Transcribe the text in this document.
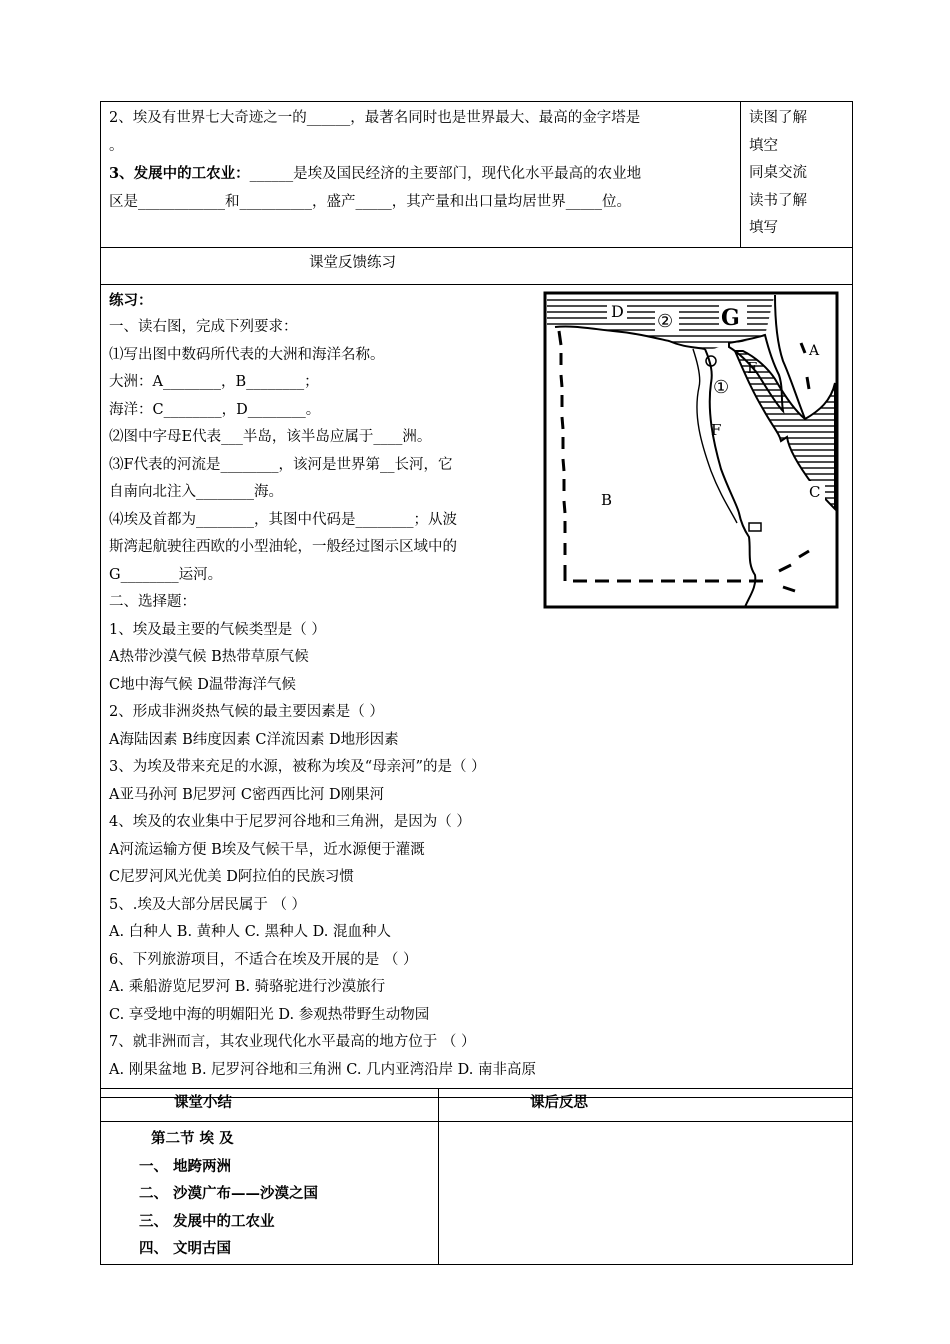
2、埃及有世界七大奇迹之一的______，最著名同时也是世界最大、最高的金字塔是
。
3、发展中的工农业：______是埃及国民经济的主要部门，现代化水平最高的农业地
区是____________和__________，盛产_____，其产量和出口量均居世界_____位。

读图了解
填空
同桌交流
读书了解
填写

课堂反馈练习

练习：
一、读右图，完成下列要求：
⑴写出图中数码所代表的大洲和海洋名称。
大洲：A________，B________；
海洋：C________，D________。
⑵图中字母E代表___半岛，该半岛应属于____洲。
⑶F代表的河流是________，该河是世界第__长河，它
自南向北注入________海。
⑷埃及首都为________，其图中代码是________；从波
斯湾起航驶往西欧的小型油轮，一般经过图示区域中的
G________运河。
二、选择题：
1、埃及最主要的气候类型是（ ）
A热带沙漠气候 B热带草原气候
C地中海气候 D温带海洋气候
2、形成非洲炎热气候的最主要因素是（ ）
A海陆因素 B纬度因素 C洋流因素 D地形因素
3、为埃及带来充足的水源，被称为埃及“母亲河”的是（ ）
A亚马孙河 B尼罗河 C密西西比河 D刚果河
4、埃及的农业集中于尼罗河谷地和三角洲，是因为（ ）
A河流运输方便 B埃及气候干旱，近水源便于灌溉
C尼罗河风光优美 D阿拉伯的民族习惯
5、.埃及大部分居民属于 （ ）
A. 白种人 B. 黄种人 C. 黑种人 D. 混血种人
6、下列旅游项目，不适合在埃及开展的是 （ ）
A. 乘船游览尼罗河 B. 骑骆驼进行沙漠旅行
C. 享受地中海的明媚阳光 D. 参观热带野生动物园
7、就非洲而言，其农业现代化水平最高的地方位于 （ ）
A. 刚果盆地 B. 尼罗河谷地和三角洲 C. 几内亚湾沿岸 D. 南非高原
D ② G
A
E
①
F
B	C
课堂小结	课后反思

第二节 埃 及
一、 地跨两洲
二、 沙漠广布——沙漠之国
三、 发展中的工农业
四、 文明古国	
